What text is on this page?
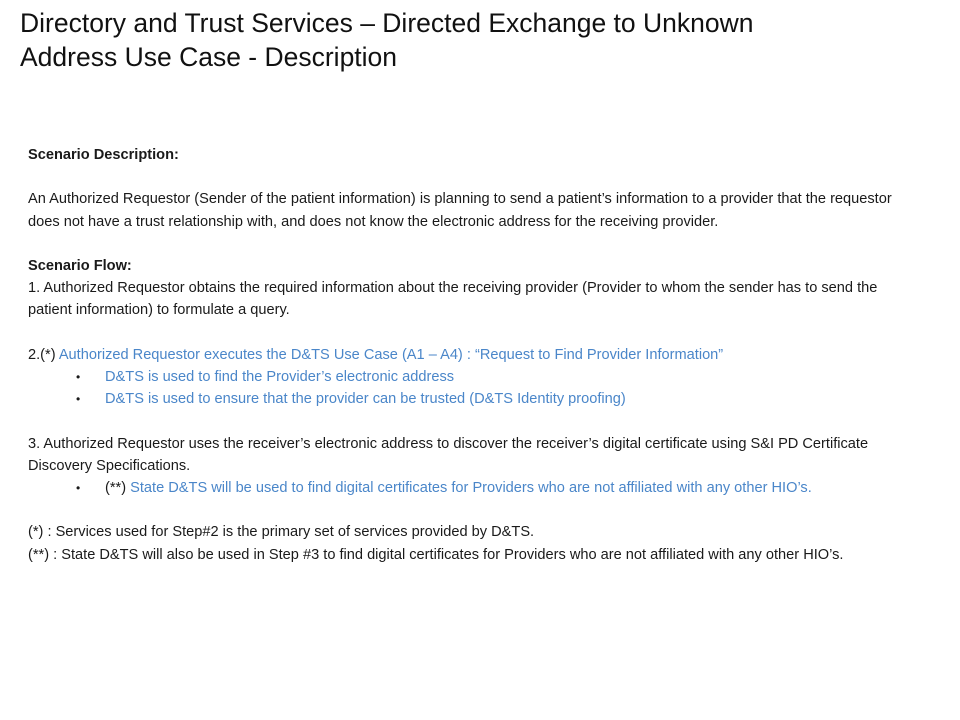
Directory and Trust Services – Directed Exchange to Unknown
Address Use Case - Description

Scenario Description:

An Authorized Requestor (Sender of the patient information) is planning to send a patient’s information to a provider that the requestor does not have a trust relationship with, and does not know the electronic address for the receiving provider.

Scenario Flow:

1. Authorized Requestor obtains the required information about the receiving provider (Provider to whom the sender has to send the patient information) to formulate a query.

2.(*) Authorized Requestor executes the D&TS Use Case (A1 – A4) : “Request to Find Provider Information”

• D&TS is used to find the Provider’s electronic address
• D&TS is used to ensure that the provider can be trusted (D&TS Identity proofing)

3. Authorized Requestor uses the receiver’s electronic address to discover the receiver’s digital certificate using S&I PD Certificate Discovery Specifications.

• (**) State D&TS will be used to find digital certificates for Providers who are not affiliated with any other HIO’s.

(*) : Services used for Step#2 is the primary set of services provided by D&TS.

(**) : State D&TS will also be used in Step #3 to find digital certificates for Providers who are not affiliated with any other HIO’s.
